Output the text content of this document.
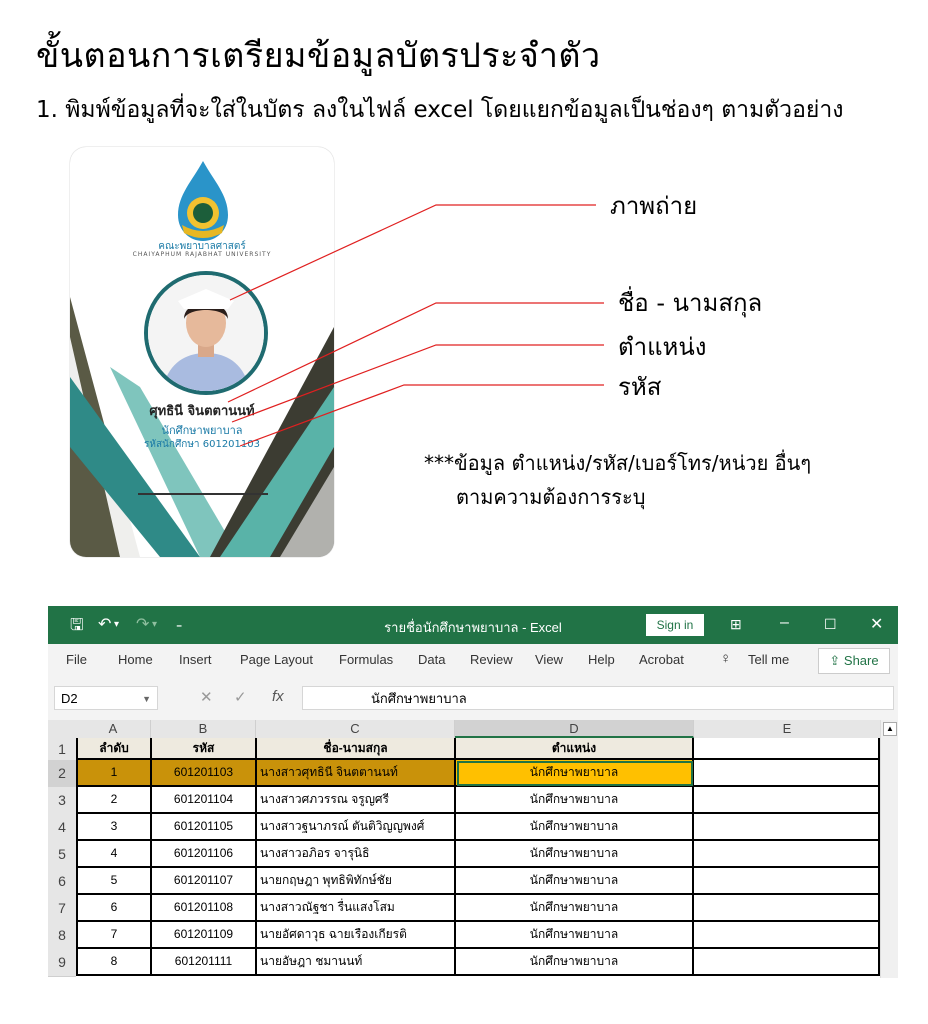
ขั้นตอนการเตรียมข้อมูลบัตรประจำตัว
1. พิมพ์ข้อมูลที่จะใส่ในบัตร ลงในไฟล์ excel โดยแยกข้อมูลเป็นช่องๆ ตามตัวอย่าง
คณะพยาบาลศาสตร์
CHAIYAPHUM RAJABHAT UNIVERSITY
ศุทธินี จินตตานนท์
นักศึกษาพยาบาล
รหัสนักศึกษา 601201103
ภาพถ่าย
ชื่อ - นามสกุล
ตำแหน่ง
รหัส
***ข้อมูล ตำแหน่ง/รหัส/เบอร์โทร/หน่วย อื่นๆ
ตามความต้องการระบุ
🖫 ↶ ▾ ↷ ▾ ₌	รายชื่อนักศึกษาพยาบาล - Excel	Sign in	⊞ –	☐ ✕
File Home Insert Page Layout Formulas Data Review View Help Acrobat ♀ Tell me	⇪ Share
D2	▼	✕ ✓ fx	นักศึกษาพยาบาล
A	B	C	D	E
1
2
3
4
5
6
7
8
9
ลำดับ	รหัส	ชื่อ-นามสกุล	ตำแหน่ง
1	601201103	นางสาวศุทธินี จินตตานนท์	นักศึกษาพยาบาล
2	601201104	นางสาวศภวรรณ จรูญศรี	นักศึกษาพยาบาล
3	601201105	นางสาวฐนาภรณ์ ตันติวิญญพงศ์	นักศึกษาพยาบาล
4	601201106	นางสาวอภิอร จารุนิธิ	นักศึกษาพยาบาล
5	601201107	นายกฤษฎา พุทธิพิทักษ์ชัย	นักศึกษาพยาบาล
6	601201108	นางสาวณัฐชา รื่นแสงโสม	นักศึกษาพยาบาล
7	601201109	นายอัศดาวุธ ฉายเรืองเกียรติ	นักศึกษาพยาบาล
8	601201111	นายอัษฎา ชมานนท์	นักศึกษาพยาบาล
▲
